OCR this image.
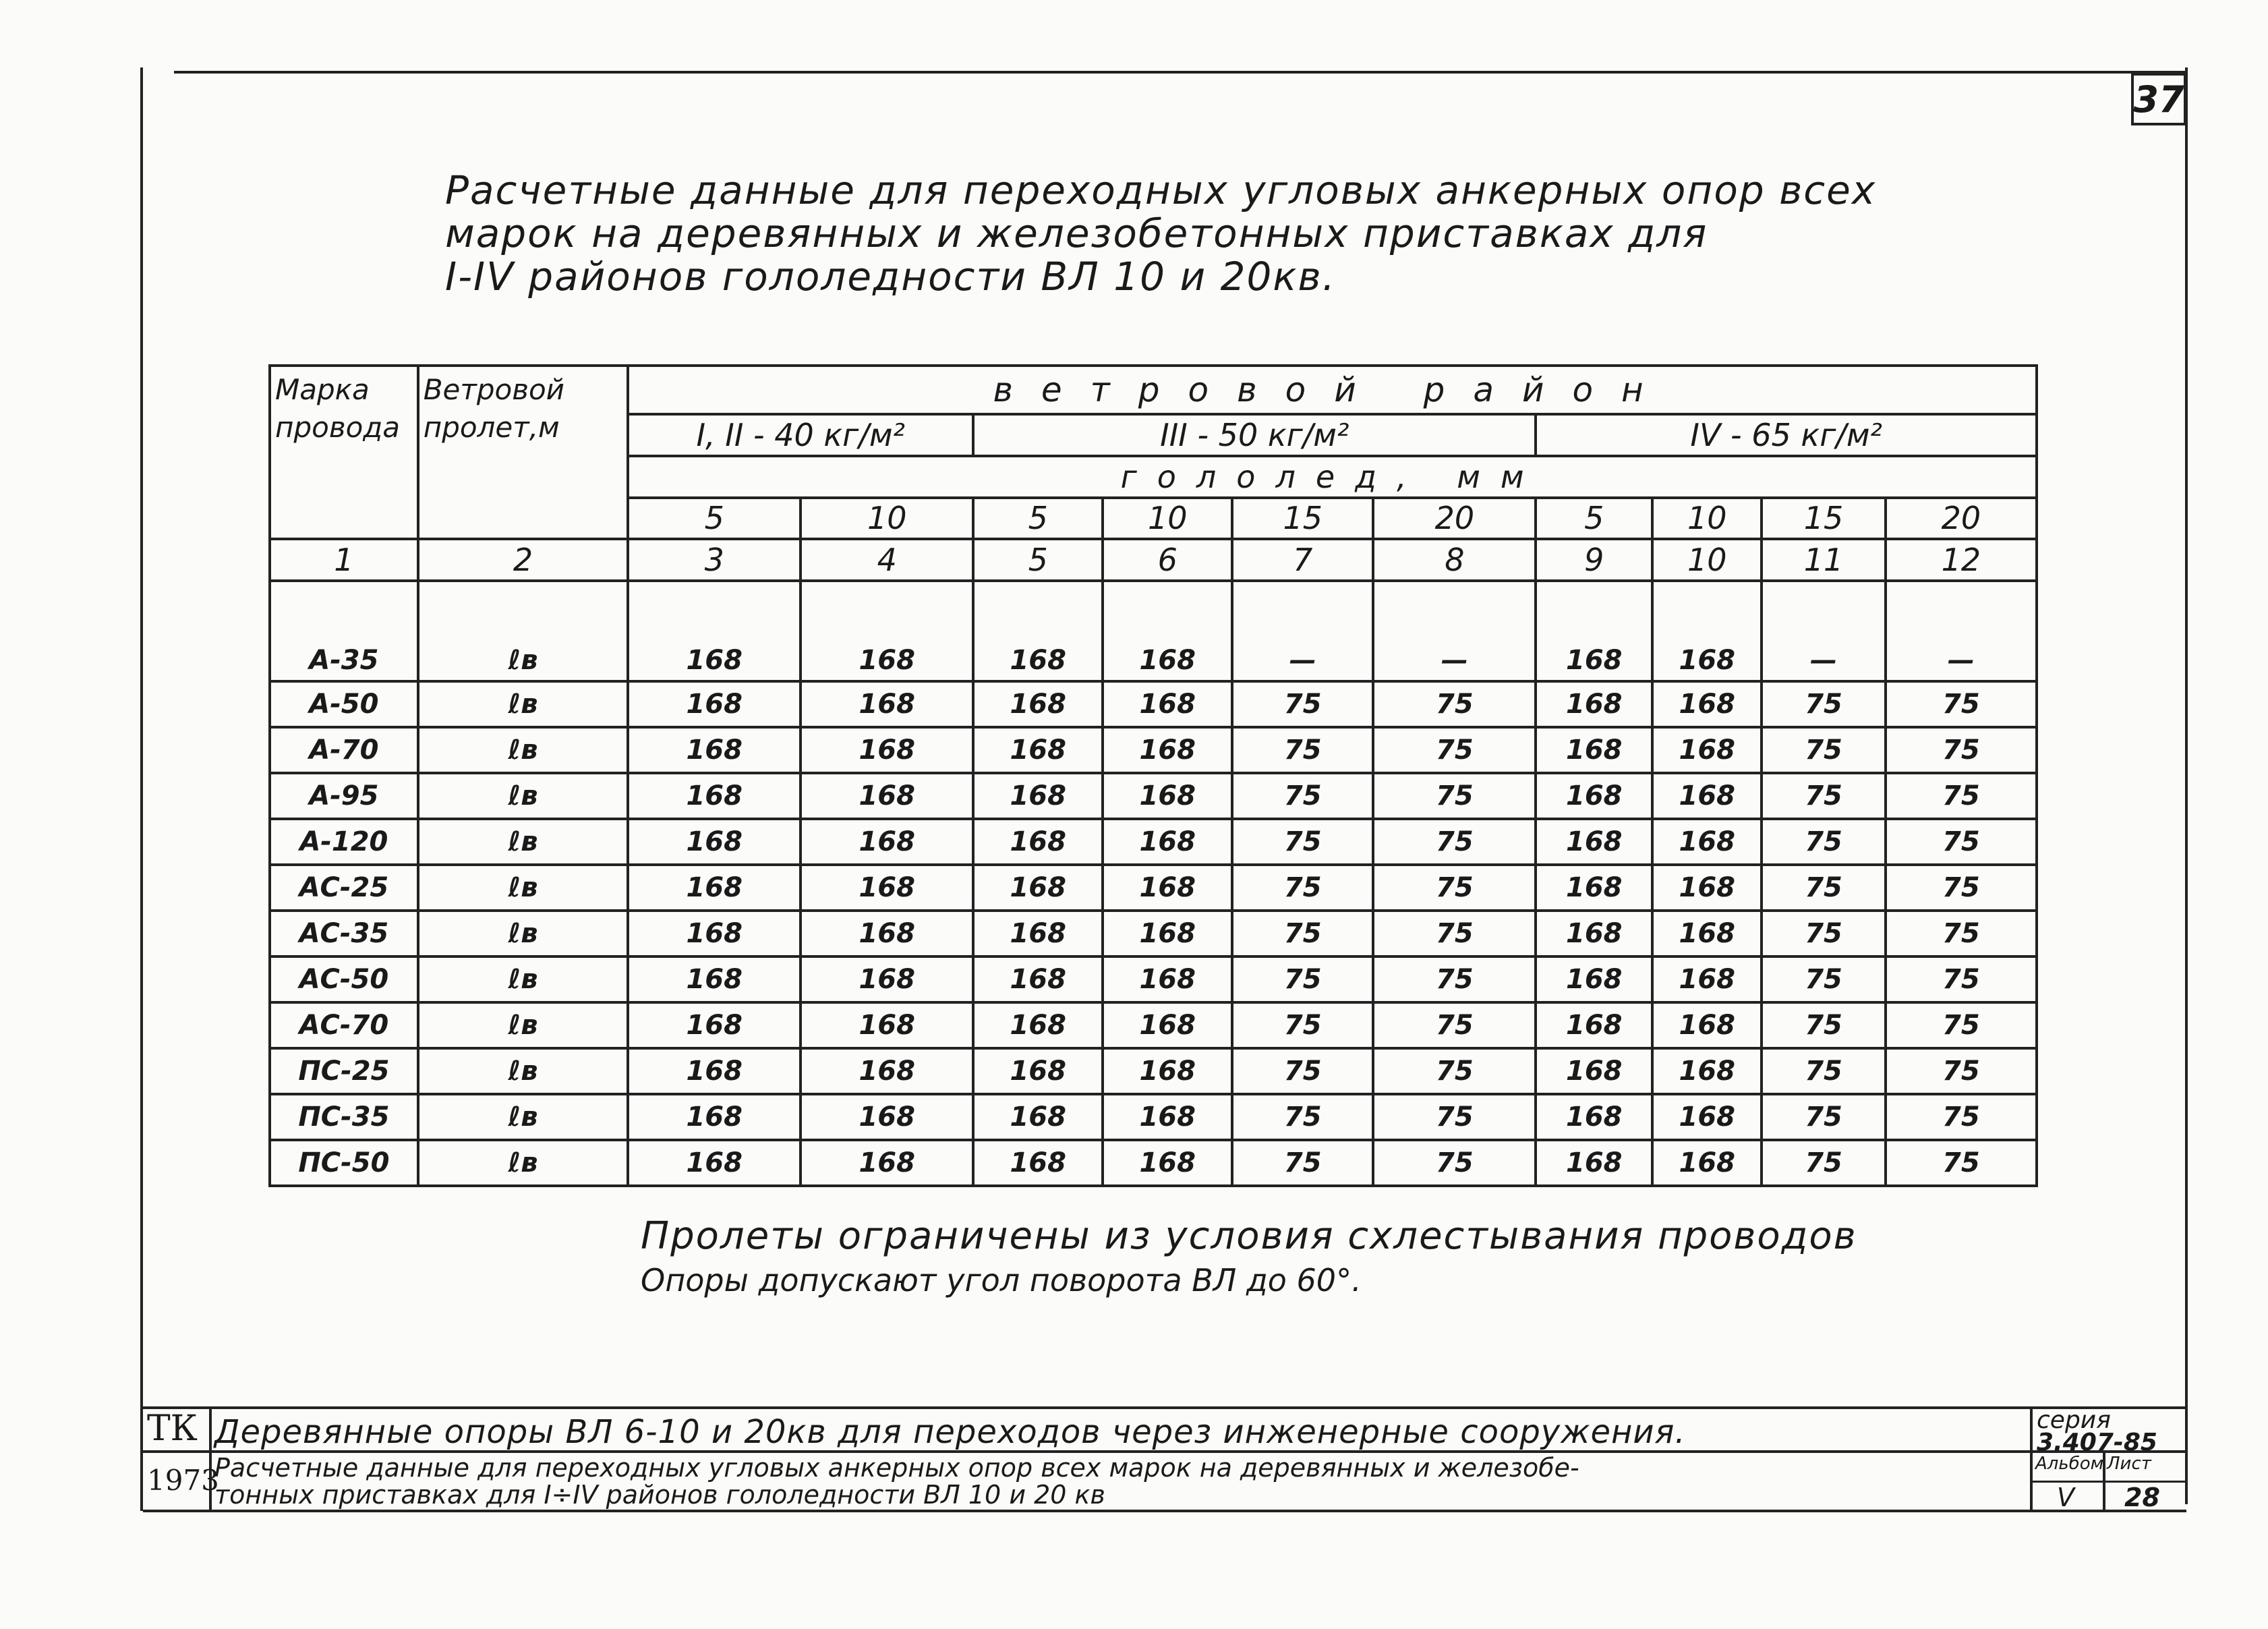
37
Расчетные данные для переходных угловых анкерных опор всех
марок на деревянных и железобетонных приставках для
I-IV районов гололедности ВЛ 10 и 20кв.
Марка провода	Ветровой пролет,м	ветровой район									
		I, II - 40 кг/м²		III - 50 кг/м²				IV - 65 кг/м²			
		гололед, мм									
		5	10	5	10	15	20	5	10	15	20
1	2	3	4	5	6	7	8	9	10	11	12
А-35	ℓв	168	168	168	168	—	—	168	168	—	—
А-50	ℓв	168	168	168	168	75	75	168	168	75	75
А-70	ℓв	168	168	168	168	75	75	168	168	75	75
А-95	ℓв	168	168	168	168	75	75	168	168	75	75
А-120	ℓв	168	168	168	168	75	75	168	168	75	75
АС-25	ℓв	168	168	168	168	75	75	168	168	75	75
АС-35	ℓв	168	168	168	168	75	75	168	168	75	75
АС-50	ℓв	168	168	168	168	75	75	168	168	75	75
АС-70	ℓв	168	168	168	168	75	75	168	168	75	75
ПС-25	ℓв	168	168	168	168	75	75	168	168	75	75
ПС-35	ℓв	168	168	168	168	75	75	168	168	75	75
ПС-50	ℓв	168	168	168	168	75	75	168	168	75	75
Пролеты ограничены из условия схлестывания проводов
Опоры допускают угол поворота ВЛ до 60°.
ТК
1973
Деревянные опоры ВЛ 6-10 и 20кв для переходов через инженерные сооружения.
Расчетные данные для переходных угловых анкерных опор всех марок на деревянных и железобе-
тонных приставках для I÷IV районов гололедности ВЛ 10 и 20 кв
серия
3.407-85
Альбом
V
Лист
28
